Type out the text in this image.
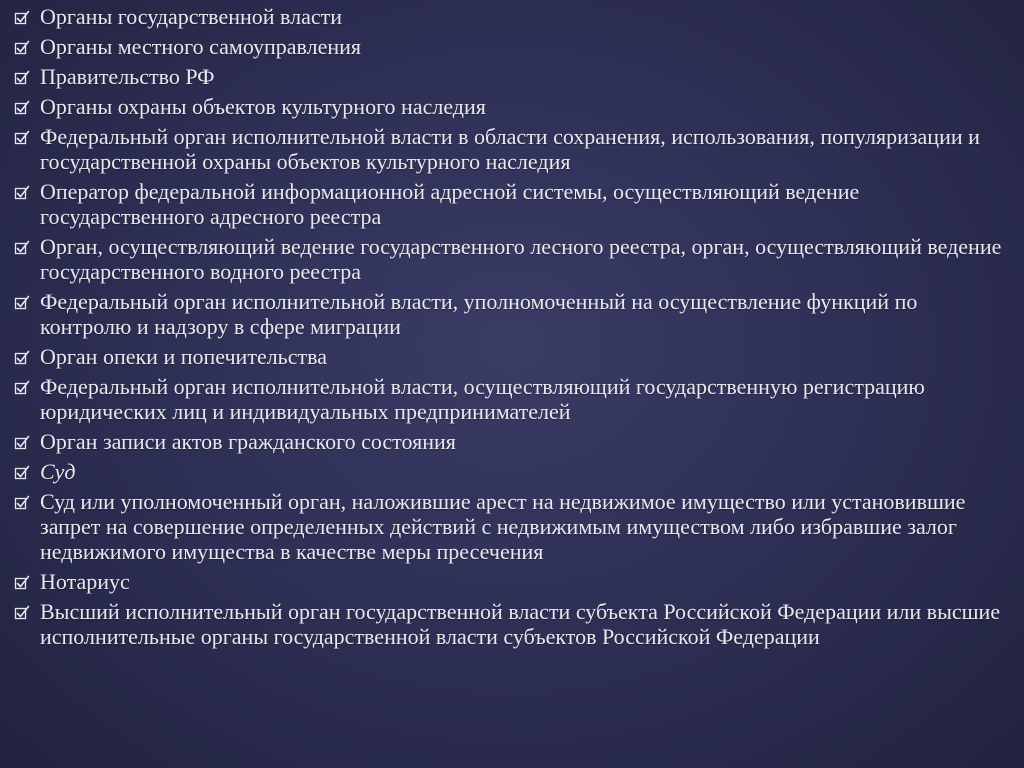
Органы государственной власти
Органы местного самоуправления
Правительство РФ
Органы охраны объектов культурного наследия
Федеральный орган исполнительной власти в области сохранения, использования, популяризации и государственной охраны объектов культурного наследия
Оператор федеральной информационной адресной системы, осуществляющий ведение государственного адресного реестра
Орган, осуществляющий ведение государственного лесного реестра, орган, осуществляющий ведение государственного водного реестра
Федеральный орган исполнительной власти, уполномоченный на осуществление функций по контролю и надзору в сфере миграции
Орган опеки и попечительства
Федеральный орган исполнительной власти, осуществляющий государственную регистрацию юридических лиц и индивидуальных предпринимателей
Орган записи актов гражданского состояния
Суд
Суд или уполномоченный орган, наложившие арест на недвижимое имущество или установившие запрет на совершение определенных действий с недвижимым имуществом либо избравшие залог недвижимого имущества в качестве меры пресечения
Нотариус
Высший исполнительный орган государственной власти субъекта Российской Федерации или высшие исполнительные органы государственной власти субъектов Российской Федерации
